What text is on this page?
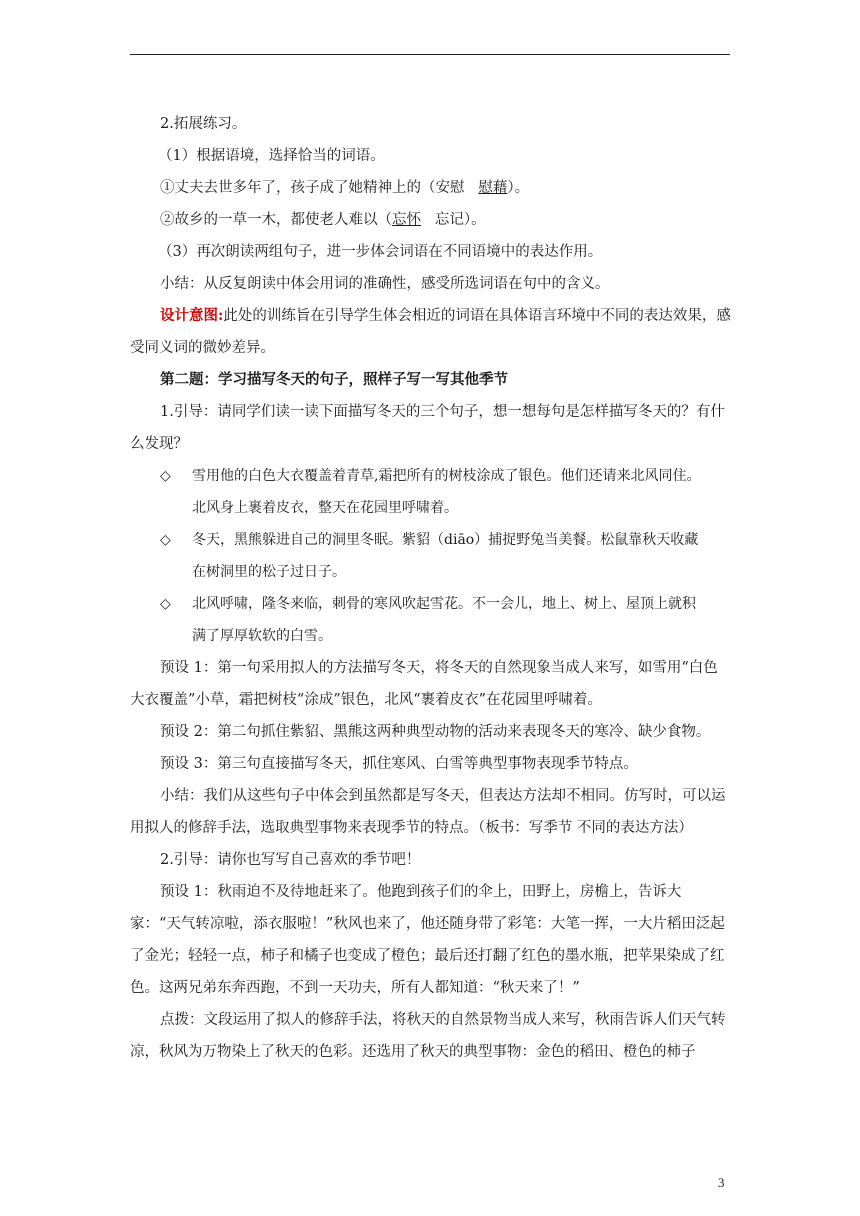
2.拓展练习。

（1）根据语境，选择恰当的词语。

①丈夫去世多年了，孩子成了她精神上的（安慰 慰藉）。

②故乡的一草一木，都使老人难以（忘怀 忘记）。

（3）再次朗读两组句子，进一步体会词语在不同语境中的表达作用。

小结：从反复朗读中体会用词的准确性，感受所选词语在句中的含义。

设计意图:此处的训练旨在引导学生体会相近的词语在具体语言环境中不同的表达效果，感受同义词的微妙差异。

第二题：学习描写冬天的句子，照样子写一写其他季节

1.引导：请同学们读一读下面描写冬天的三个句子，想一想每句是怎样描写冬天的？有什么发现？

◇ 雪用他的白色大衣覆盖着青草,霜把所有的树枝涂成了银色。他们还请来北风同住。
北风身上裹着皮衣，整天在花园里呼啸着。
◇ 冬天，黑熊躲进自己的洞里冬眠。紫貂（diāo）捕捉野兔当美餐。松鼠靠秋天收藏
在树洞里的松子过日子。
◇ 北风呼啸，隆冬来临，刺骨的寒风吹起雪花。不一会儿，地上、树上、屋顶上就积
满了厚厚软软的白雪。

预设 1：第一句采用拟人的方法描写冬天，将冬天的自然现象当成人来写，如雪用“白色大衣覆盖”小草，霜把树枝“涂成”银色，北风“裹着皮衣”在花园里呼啸着。

预设 2：第二句抓住紫貂、黑熊这两种典型动物的活动来表现冬天的寒冷、缺少食物。

预设 3：第三句直接描写冬天，抓住寒风、白雪等典型事物表现季节特点。

小结：我们从这些句子中体会到虽然都是写冬天，但表达方法却不相同。仿写时，可以运用拟人的修辞手法，选取典型事物来表现季节的特点。（板书：写季节 不同的表达方法）

2.引导：请你也写写自己喜欢的季节吧！

预设 1：秋雨迫不及待地赶来了。他跑到孩子们的伞上，田野上，房檐上，告诉大家：“天气转凉啦，添衣服啦！”秋风也来了，他还随身带了彩笔：大笔一挥，一大片稻田泛起了金光；轻轻一点，柿子和橘子也变成了橙色；最后还打翻了红色的墨水瓶，把苹果染成了红色。这两兄弟东奔西跑，不到一天功夫，所有人都知道：“秋天来了！”

点拨：文段运用了拟人的修辞手法，将秋天的自然景物当成人来写，秋雨告诉人们天气转凉，秋风为万物染上了秋天的色彩。还选用了秋天的典型事物：金色的稻田、橙色的柿子

3
